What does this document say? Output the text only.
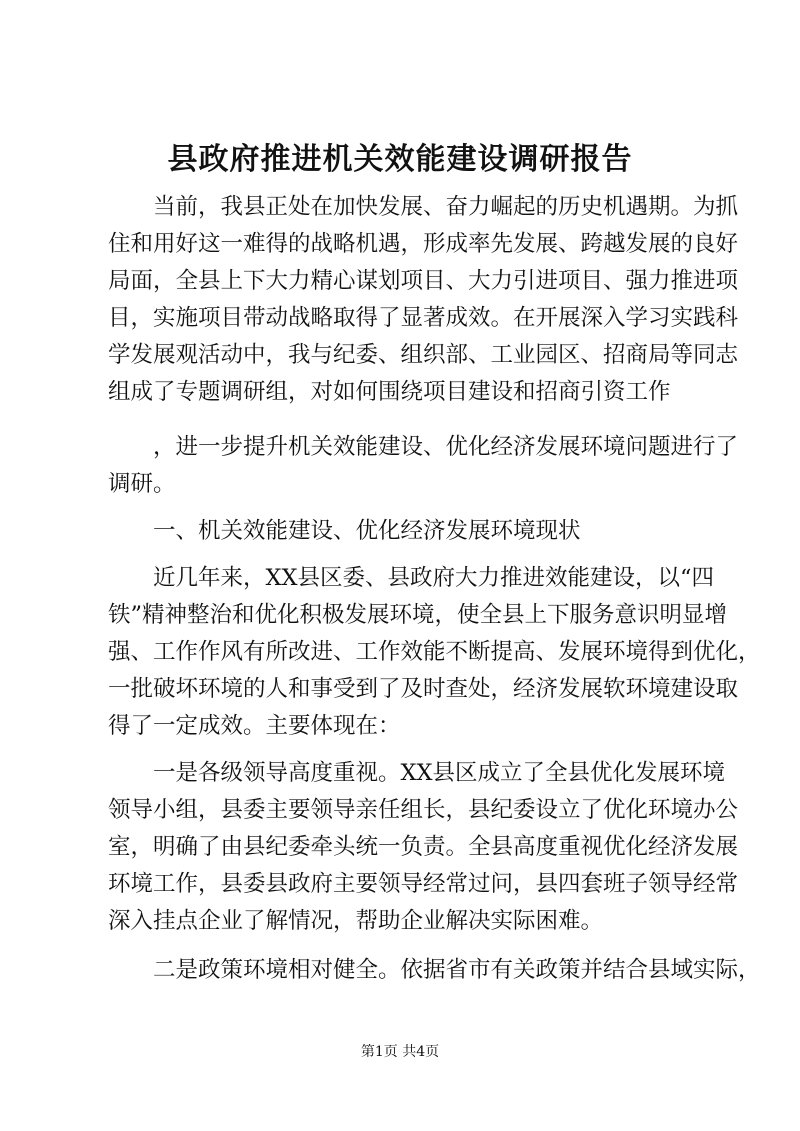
县政府推进机关效能建设调研报告

当前，我县正处在加快发展、奋力崛起的历史机遇期。为抓

住和用好这一难得的战略机遇，形成率先发展、跨越发展的良好

局面，全县上下大力精心谋划项目、大力引进项目、强力推进项

目，实施项目带动战略取得了显著成效。在开展深入学习实践科

学发展观活动中，我与纪委、组织部、工业园区、招商局等同志

组成了专题调研组，对如何围绕项目建设和招商引资工作

，进一步提升机关效能建设、优化经济发展环境问题进行了

调研。

一、机关效能建设、优化经济发展环境现状

近几年来，XX县区委、县政府大力推进效能建设，以“四

铁”精神整治和优化积极发展环境，使全县上下服务意识明显增

强、工作作风有所改进、工作效能不断提高、发展环境得到优化，

一批破坏环境的人和事受到了及时查处，经济发展软环境建设取

得了一定成效。主要体现在：

一是各级领导高度重视。XX县区成立了全县优化发展环境

领导小组，县委主要领导亲任组长，县纪委设立了优化环境办公

室，明确了由县纪委牵头统一负责。全县高度重视优化经济发展

环境工作，县委县政府主要领导经常过问，县四套班子领导经常

深入挂点企业了解情况，帮助企业解决实际困难。

二是政策环境相对健全。依据省市有关政策并结合县域实际，

第1页 共4页
